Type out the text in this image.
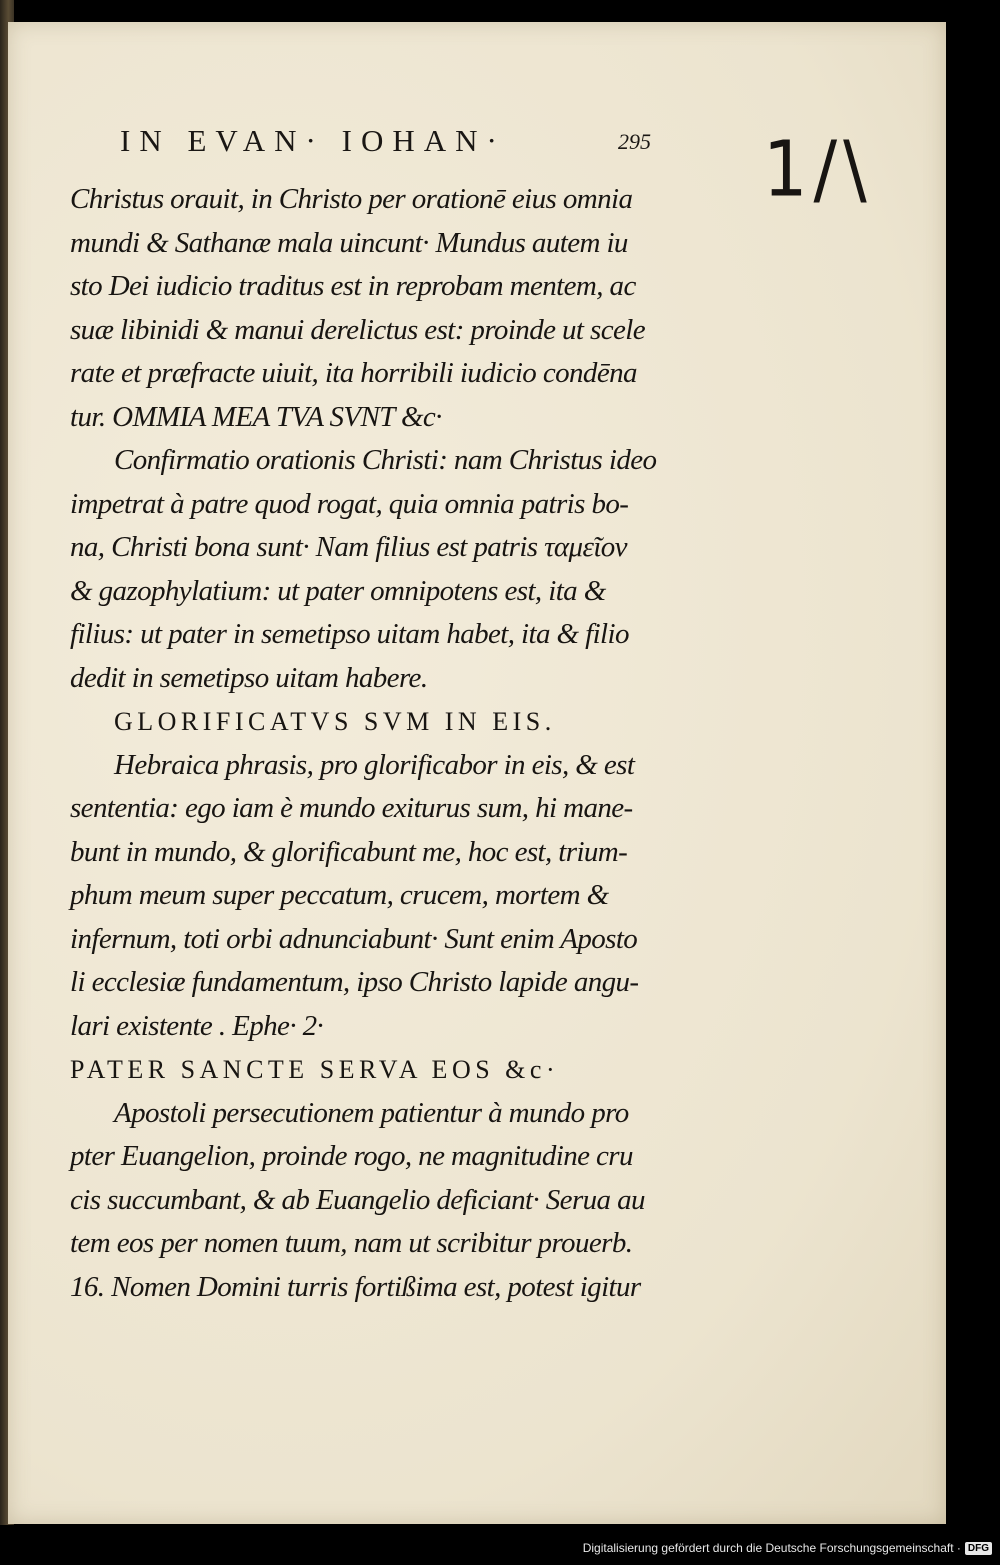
IN EVAN· IOHAN·	295 1/\
Christus orauit, in Christo per orationē eius omnia
mundi & Sathanæ mala uincunt· Mundus autem iu
sto Dei iudicio traditus est in reprobam mentem, ac
suæ libinidi & manui derelictus est: proinde ut scele
rate et præfracte uiuit, ita horribili iudicio condēna
tur. OMMIA MEA TVA SVNT &c·
Confirmatio orationis Christi: nam Christus ideo
impetrat à patre quod rogat, quia omnia patris bo-
na, Christi bona sunt· Nam filius est patris ταμεῖον
& gazophylatium: ut pater omnipotens est, ita &
filius: ut pater in semetipso uitam habet, ita & filio
dedit in semetipso uitam habere.
GLORIFICATVS SVM IN EIS.
Hebraica phrasis, pro glorificabor in eis, & est
sententia: ego iam è mundo exiturus sum, hi mane-
bunt in mundo, & glorificabunt me, hoc est, trium-
phum meum super peccatum, crucem, mortem &
infernum, toti orbi adnunciabunt· Sunt enim Aposto
li ecclesiæ fundamentum, ipso Christo lapide angu-
lari existente . Ephe· 2·
PATER SANCTE SERVA EOS &c·
Apostoli persecutionem patientur à mundo pro
pter Euangelion, proinde rogo, ne magnitudine cru
cis succumbant, & ab Euangelio deficiant· Serua au
tem eos per nomen tuum, nam ut scribitur prouerb.
16. Nomen Domini turris fortißima est, potest igitur
Digitalisierung gefördert durch die Deutsche Forschungsgemeinschaft · DFG
